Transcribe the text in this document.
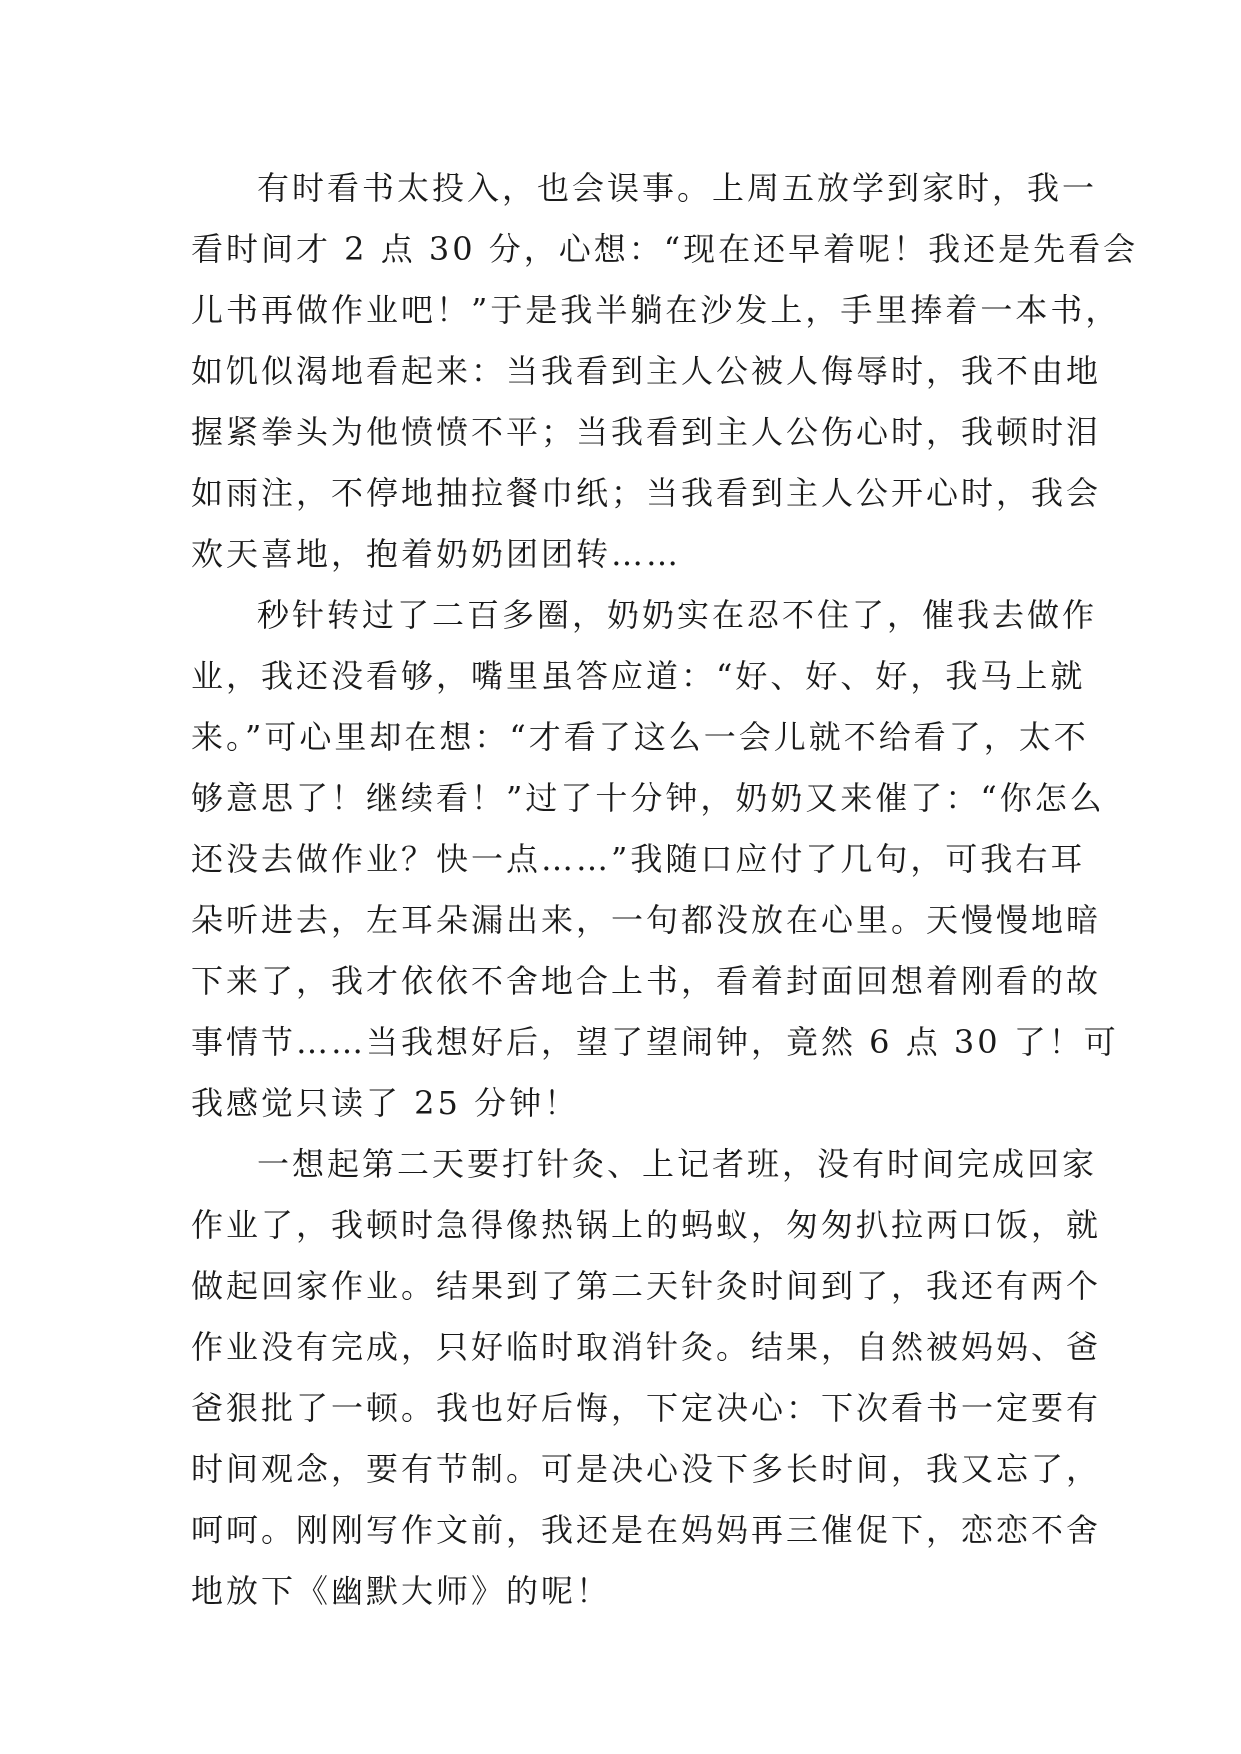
有时看书太投入，也会误事。上周五放学到家时，我一
看时间才 2 点 30 分，心想：“现在还早着呢！我还是先看会
儿书再做作业吧！”于是我半躺在沙发上，手里捧着一本书，
如饥似渴地看起来：当我看到主人公被人侮辱时，我不由地
握紧拳头为他愤愤不平；当我看到主人公伤心时，我顿时泪
如雨注，不停地抽拉餐巾纸；当我看到主人公开心时，我会
欢天喜地，抱着奶奶团团转……
秒针转过了二百多圈，奶奶实在忍不住了，催我去做作
业，我还没看够，嘴里虽答应道：“好、好、好，我马上就
来。”可心里却在想：“才看了这么一会儿就不给看了，太不
够意思了！继续看！”过了十分钟，奶奶又来催了：“你怎么
还没去做作业？快一点……”我随口应付了几句，可我右耳
朵听进去，左耳朵漏出来，一句都没放在心里。天慢慢地暗
下来了，我才依依不舍地合上书，看着封面回想着刚看的故
事情节……当我想好后，望了望闹钟，竟然 6 点 30 了！可
我感觉只读了 25 分钟！
一想起第二天要打针灸、上记者班，没有时间完成回家
作业了，我顿时急得像热锅上的蚂蚁，匆匆扒拉两口饭，就
做起回家作业。结果到了第二天针灸时间到了，我还有两个
作业没有完成，只好临时取消针灸。结果，自然被妈妈、爸
爸狠批了一顿。我也好后悔，下定决心：下次看书一定要有
时间观念，要有节制。可是决心没下多长时间，我又忘了，
呵呵。刚刚写作文前，我还是在妈妈再三催促下，恋恋不舍
地放下《幽默大师》的呢！
